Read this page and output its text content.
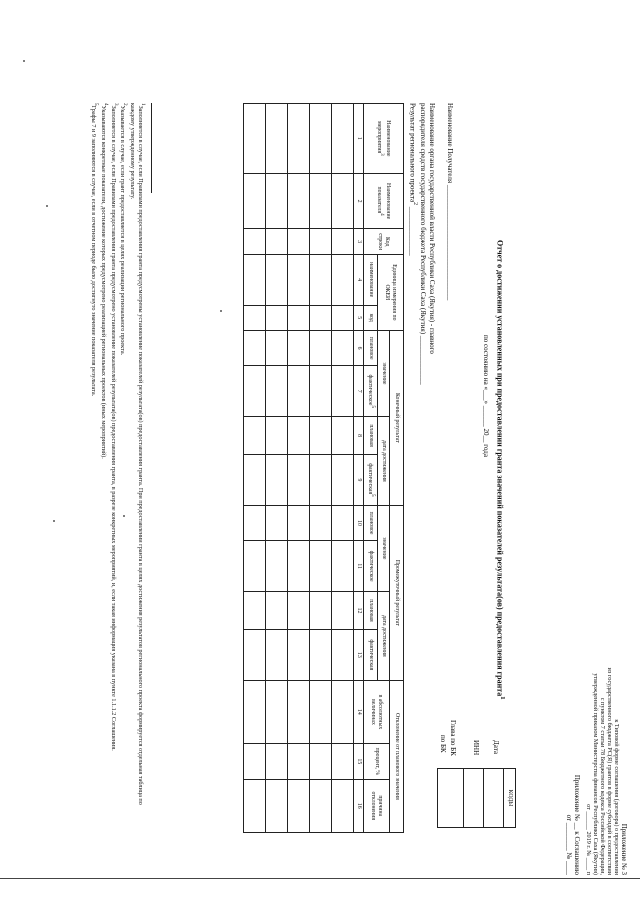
Приложение № 3
к Типовой форме соглашения (договора) о предоставлении
из государственного бюджета РС(Я) грантов в форме субсидий в соответствии
с пунктом 7 статьи 78 Бюджетного кодекса Российской Федерации,
утвержденной приказом Министерства финансов Республики Саха (Якутия)
от ______ 2019 г. № ____ п
Приложение № __ к Соглашению
от ________ № ____
Отчет о достижении установленных при предоставлении гранта значений показателей результата(ов) предоставления гранта$^1$
по состоянию на «___» ______ 20__ года
Наименование Получателя _________________________________
Наименование органа государственной власти Республики Саха (Якутия) - главного
распорядителя средств государственного бюджета Республики Саха (Якутия) ______________
Результат регионального проекта$^2$ ______________
Дата
ИНН
Глава по БК
по БК
КОДЫ

Наименование мероприятия$^3$	Наименование показателя$^4$	Код строки	Единица измерения по ОКЕИ		Конечный результат				Промежуточный результат				Отклонение от планового значения		
					значение		дата достижения		значение		дата достижения		в абсолютных величинах	процент, %	причина отклонения
			наименование	код	плановое	фактическое$^5$	плановая	фактическая$^5$	плановое	фактическое	плановая	фактическая			
1	2	3	4	5	6	7	8	9	10	11	12	13	14	15	16

$^1$Заполняется в случае, если Правилами предоставления гранта предусмотрены установление показателей результата(ов) предоставления гранта. При предоставлении гранта в целях достижения результатов регионального проекта формируется отдельная таблица по каждому утвержденному результату.
$^2$Указывается в случае, если грант предоставляется в целях реализации регионального проекта.
$^3$Заполняется в случае, если Правилами предоставления гранта предусмотрено установление показателей результата(ов) предоставления гранта, в разрезе конкретных мероприятий, и, если такая информация указана в пункте 1.1.1.2 Соглашения.
$^4$Указываются конкретные показатели, достижение которых предусмотрено реализацией региональных проектов (иных мероприятий).
$^5$Графы 7 и 9 заполняются в случае, если в отчетном периоде было достигнуто значение показателя результата.
